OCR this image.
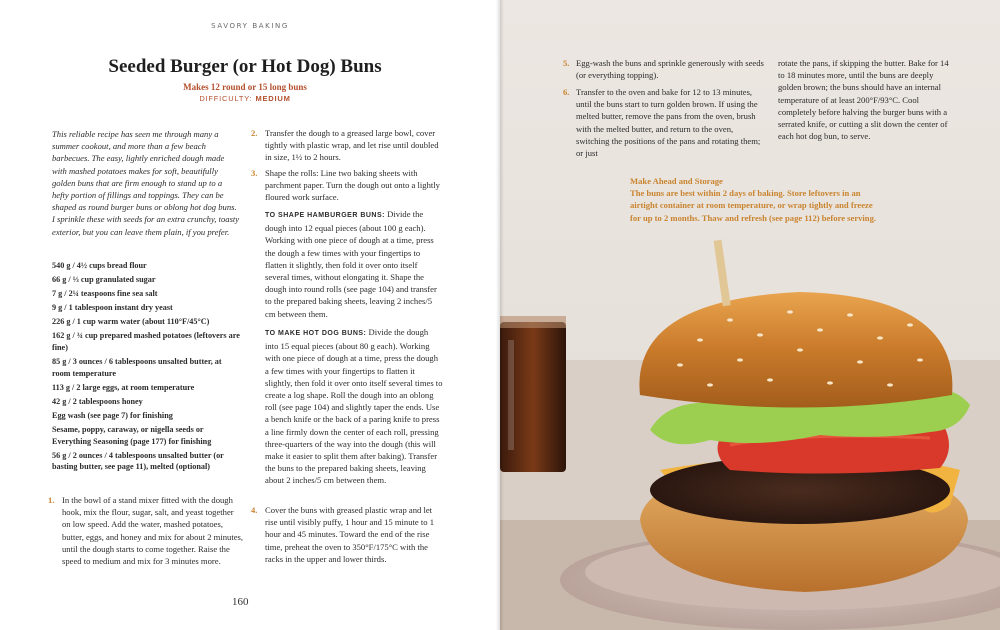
SAVORY BAKING
Seeded Burger (or Hot Dog) Buns
Makes 12 round or 15 long buns
DIFFICULTY: MEDIUM
This reliable recipe has seen me through many a summer cookout, and more than a few beach barbecues. The easy, lightly enriched dough made with mashed potatoes makes for soft, beautifully golden buns that are firm enough to stand up to a hefty portion of fillings and toppings. They can be shaped as round burger buns or oblong hot dog buns. I sprinkle these with seeds for an extra crunchy, toasty exterior, but you can leave them plain, if you prefer.
540 g / 4½ cups bread flour
66 g / ⅓ cup granulated sugar
7 g / 2¼ teaspoons fine sea salt
9 g / 1 tablespoon instant dry yeast
226 g / 1 cup warm water (about 110°F/45°C)
162 g / ¾ cup prepared mashed potatoes (leftovers are fine)
85 g / 3 ounces / 6 tablespoons unsalted butter, at room temperature
113 g / 2 large eggs, at room temperature
42 g / 2 tablespoons honey
Egg wash (see page 7) for finishing
Sesame, poppy, caraway, or nigella seeds or Everything Seasoning (page 177) for finishing
56 g / 2 ounces / 4 tablespoons unsalted butter (or basting butter, see page 11), melted (optional)
1. In the bowl of a stand mixer fitted with the dough hook, mix the flour, sugar, salt, and yeast together on low speed. Add the water, mashed potatoes, butter, eggs, and honey and mix for about 2 minutes, until the dough starts to come together. Raise the speed to medium and mix for 3 minutes more.
2. Transfer the dough to a greased large bowl, cover tightly with plastic wrap, and let rise until doubled in size, 1½ to 2 hours.
3. Shape the rolls: Line two baking sheets with parchment paper. Turn the dough out onto a lightly floured work surface.
TO SHAPE HAMBURGER BUNS: Divide the dough into 12 equal pieces (about 100 g each). Working with one piece of dough at a time, press the dough a few times with your fingertips to flatten it slightly, then fold it over onto itself several times, without elongating it. Shape the dough into round rolls (see page 104) and transfer to the prepared baking sheets, leaving 2 inches/5 cm between them.
TO MAKE HOT DOG BUNS: Divide the dough into 15 equal pieces (about 80 g each). Working with one piece of dough at a time, press the dough a few times with your fingertips to flatten it slightly, then fold it over onto itself several times to create a log shape. Roll the dough into an oblong roll (see page 104) and slightly taper the ends. Use a bench knife or the back of a paring knife to press a line firmly down the center of each roll, pressing three-quarters of the way into the dough (this will make it easier to split them after baking). Transfer the buns to the prepared baking sheets, leaving about 2 inches/5 cm between them.
4. Cover the buns with greased plastic wrap and let rise until visibly puffy, 1 hour and 15 minute to 1 hour and 45 minutes. Toward the end of the rise time, preheat the oven to 350°F/175°C with the racks in the upper and lower thirds.
160
5. Egg-wash the buns and sprinkle generously with seeds (or everything topping).
6. Transfer to the oven and bake for 12 to 13 minutes, until the buns start to turn golden brown. If using the melted butter, remove the pans from the oven, brush with the melted butter, and return to the oven, switching the positions of the pans and rotating them; or just
rotate the pans, if skipping the butter. Bake for 14 to 18 minutes more, until the buns are deeply golden brown; the buns should have an internal temperature of at least 200°F/93°C. Cool completely before halving the burger buns with a serrated knife, or cutting a slit down the center of each hot dog bun, to serve.
Make Ahead and Storage
The buns are best within 2 days of baking. Store leftovers in an airtight container at room temperature, or wrap tightly and freeze for up to 2 months. Thaw and refresh (see page 112) before serving.
